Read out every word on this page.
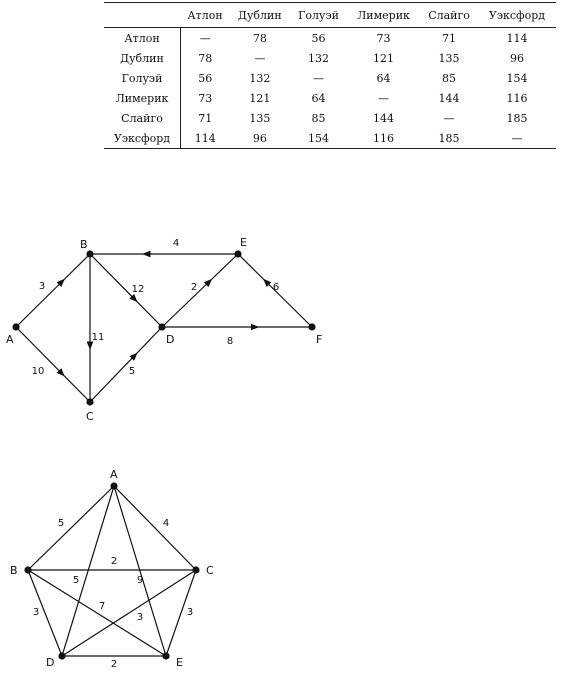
	Атлон	Дублин	Голуэй	Лимерик	Слайго	Уэксфорд
Атлон	—	78	56	73	71	114
Дублин	78	—	132	121	135	96
Голуэй	56	132	—	64	85	154
Лимерик	73	121	64	—	144	116
Слайго	71	135	85	144	—	185
Уэксфорд	114	96	154	116	185	—
3
4
12
11
10	5
2	6
8
A
B
C
D
E
F
5	4
2
5	9
7
3
3	3
2
A
B	C
D	E
